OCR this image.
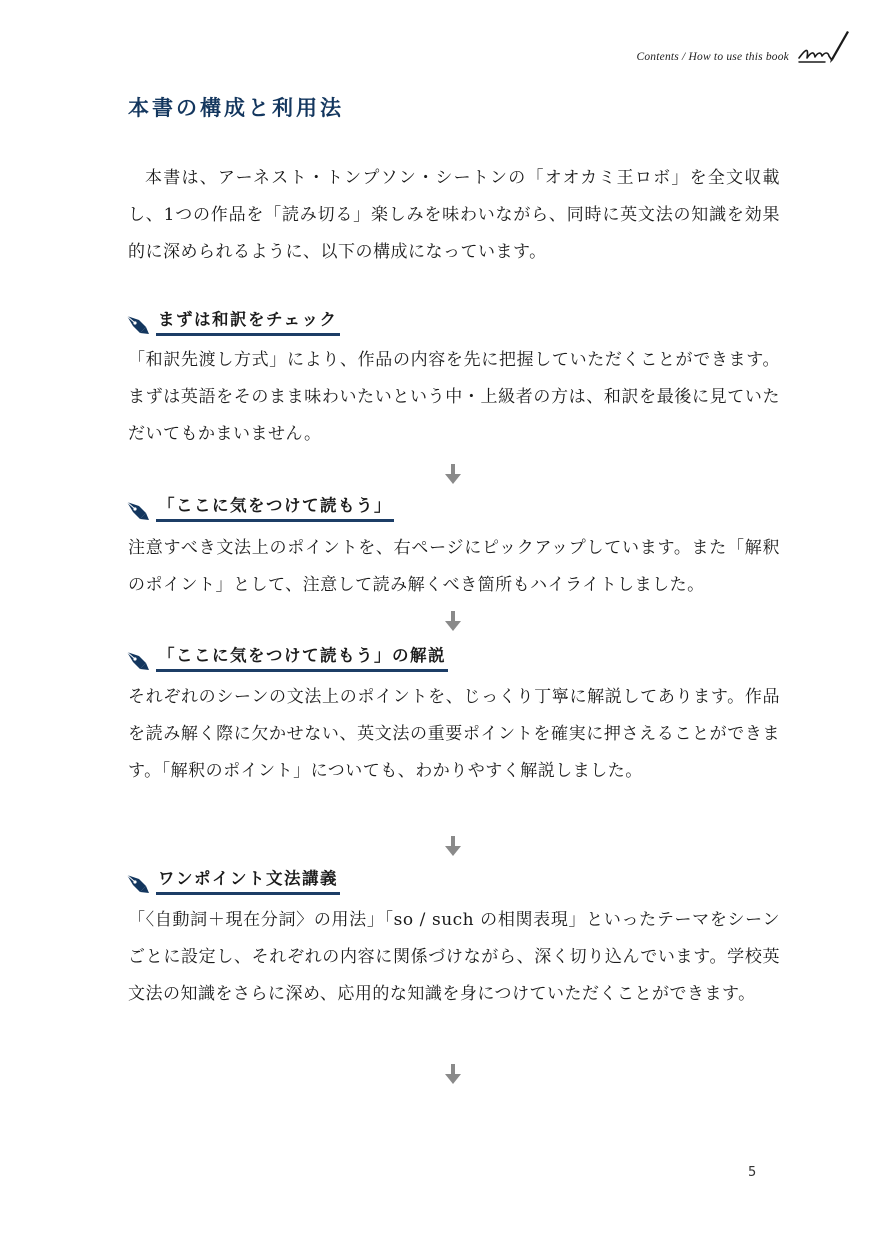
Contents / How to use this book
本書の構成と利用法

本書は、アーネスト・トンプソン・シートンの「オオカミ王ロボ」を全文収載し、1つの作品を「読み切る」楽しみを味わいながら、同時に英文法の知識を効果的に深められるように、以下の構成になっています。

まずは和訳をチェック

「和訳先渡し方式」により、作品の内容を先に把握していただくことができます。まずは英語をそのまま味わいたいという中・上級者の方は、和訳を最後に見ていただいてもかまいません。

「ここに気をつけて読もう」

注意すべき文法上のポイントを、右ページにピックアップしています。また「解釈のポイント」として、注意して読み解くべき箇所もハイライトしました。

「ここに気をつけて読もう」の解説

それぞれのシーンの文法上のポイントを、じっくり丁寧に解説してあります。作品を読み解く際に欠かせない、英文法の重要ポイントを確実に押さえることができます。「解釈のポイント」についても、わかりやすく解説しました。

ワンポイント文法講義

「〈自動詞＋現在分詞〉の用法」「so / such の相関表現」といったテーマをシーンごとに設定し、それぞれの内容に関係づけながら、深く切り込んでいます。学校英文法の知識をさらに深め、応用的な知識を身につけていただくことができます。

5
